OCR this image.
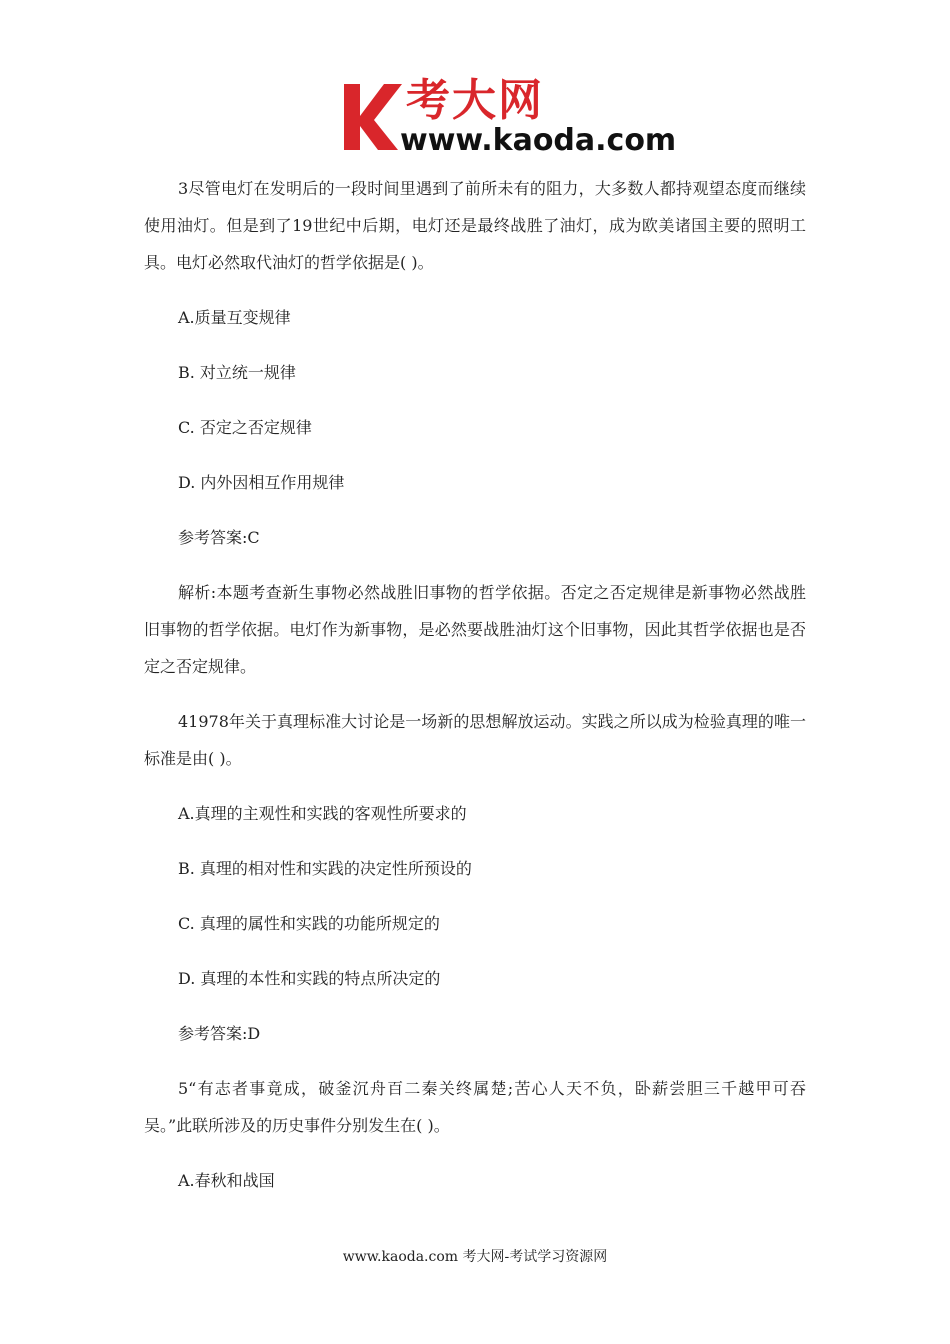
考大网
www.kaoda.com

3尽管电灯在发明后的一段时间里遇到了前所未有的阻力，大多数人都持观望态度而继续使用油灯。但是到了19世纪中后期，电灯还是最终战胜了油灯，成为欧美诸国主要的照明工具。电灯必然取代油灯的哲学依据是( )。

A.质量互变规律

B. 对立统一规律

C. 否定之否定规律

D. 内外因相互作用规律

参考答案:C

解析:本题考查新生事物必然战胜旧事物的哲学依据。否定之否定规律是新事物必然战胜旧事物的哲学依据。电灯作为新事物，是必然要战胜油灯这个旧事物，因此其哲学依据也是否定之否定规律。

41978年关于真理标准大讨论是一场新的思想解放运动。实践之所以成为检验真理的唯一标准是由( )。

A.真理的主观性和实践的客观性所要求的

B. 真理的相对性和实践的决定性所预设的

C. 真理的属性和实践的功能所规定的

D. 真理的本性和实践的特点所决定的

参考答案:D

5“有志者事竟成，破釜沉舟百二秦关终属楚;苦心人天不负，卧薪尝胆三千越甲可吞吴。”此联所涉及的历史事件分别发生在( )。

A.春秋和战国

www.kaoda.com 考大网-考试学习资源网
